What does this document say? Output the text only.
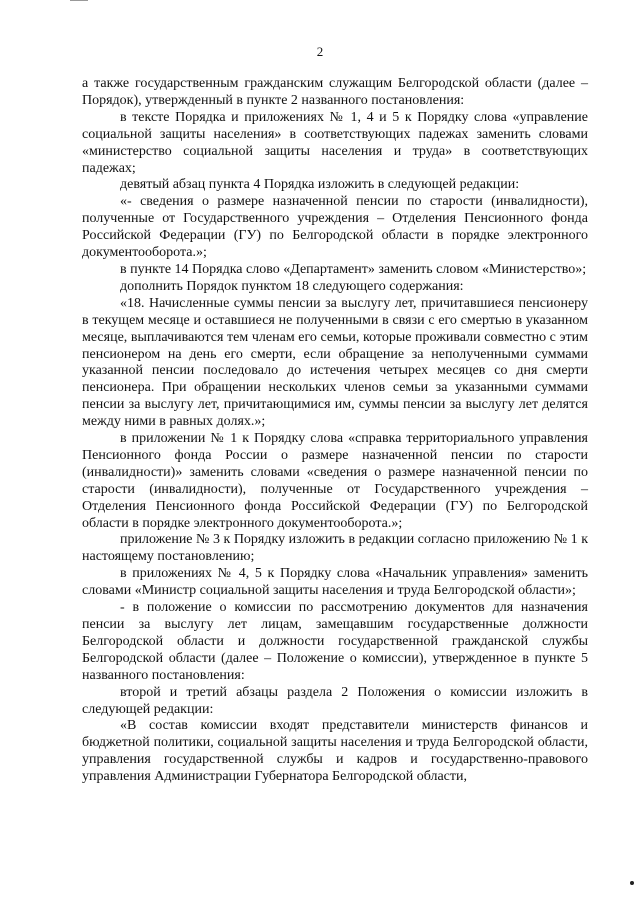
2

а также государственным гражданским служащим Белгородской области (далее – Порядок), утвержденный в пункте 2 названного постановления:

в тексте Порядка и приложениях № 1, 4 и 5 к Порядку слова «управление социальной защиты населения» в соответствующих падежах заменить словами «министерство социальной защиты населения и труда» в соответствующих падежах;

девятый абзац пункта 4 Порядка изложить в следующей редакции:

«- сведения о размере назначенной пенсии по старости (инвалидности), полученные от Государственного учреждения – Отделения Пенсионного фонда Российской Федерации (ГУ) по Белгородской области в порядке электронного документооборота.»;

в пункте 14 Порядка слово «Департамент» заменить словом «Министерство»;

дополнить Порядок пунктом 18 следующего содержания:

«18. Начисленные суммы пенсии за выслугу лет, причитавшиеся пенсионеру в текущем месяце и оставшиеся не полученными в связи с его смертью в указанном месяце, выплачиваются тем членам его семьи, которые проживали совместно с этим пенсионером на день его смерти, если обращение за неполученными суммами указанной пенсии последовало до истечения четырех месяцев со дня смерти пенсионера. При обращении нескольких членов семьи за указанными суммами пенсии за выслугу лет, причитающимися им, суммы пенсии за выслугу лет делятся между ними в равных долях.»;

в приложении № 1 к Порядку слова «справка территориального управления Пенсионного фонда России о размере назначенной пенсии по старости (инвалидности)» заменить словами «сведения о размере назначенной пенсии по старости (инвалидности), полученные от Государственного учреждения – Отделения Пенсионного фонда Российской Федерации (ГУ) по Белгородской области в порядке электронного документооборота.»;

приложение № 3 к Порядку изложить в редакции согласно приложению № 1 к настоящему постановлению;

в приложениях № 4, 5 к Порядку слова «Начальник управления» заменить словами «Министр социальной защиты населения и труда Белгородской области»;

- в положение о комиссии по рассмотрению документов для назначения пенсии за выслугу лет лицам, замещавшим государственные должности Белгородской области и должности государственной гражданской службы Белгородской области (далее – Положение о комиссии), утвержденное в пункте 5 названного постановления:

второй и третий абзацы раздела 2 Положения о комиссии изложить в следующей редакции:

«В состав комиссии входят представители министерств финансов и бюджетной политики, социальной защиты населения и труда Белгородской области, управления государственной службы и кадров и государственно-правового управления Администрации Губернатора Белгородской области,
